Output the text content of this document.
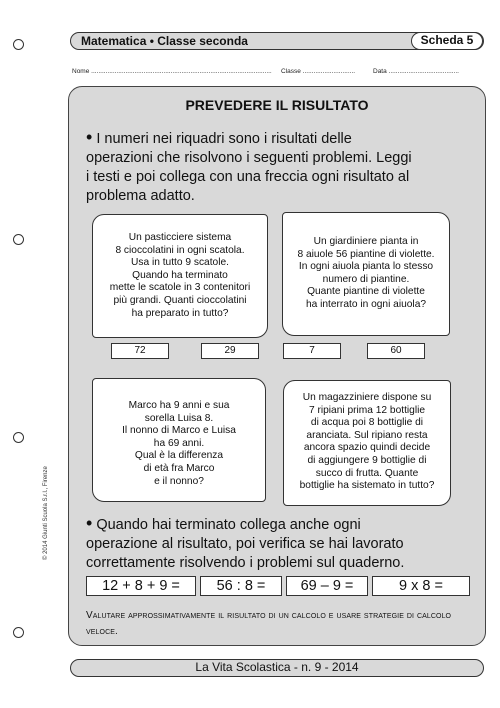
Matematica • Classe seconda	Scheda 5
Nome .................................................................................................... Classe .............................	Data .......................................
PREVEDERE IL RISULTATO
• I numeri nei riquadri sono i risultati delle
operazioni che risolvono i seguenti problemi. Leggi
i testi e poi collega con una freccia ogni risultato al
problema adatto.
Un pasticciere sistema
8 cioccolatini in ogni scatola.
Usa in tutto 9 scatole.
Quando ha terminato
mette le scatole in 3 contenitori
più grandi. Quanti cioccolatini
ha preparato in tutto?
Un giardiniere pianta in
8 aiuole 56 piantine di violette.
In ogni aiuola pianta lo stesso
numero di piantine.
Quante piantine di violette
ha interrato in ogni aiuola?
Marco ha 9 anni e sua
sorella Luisa 8.
Il nonno di Marco e Luisa
ha 69 anni.
Qual è la differenza
di età fra Marco
e il nonno?
Un magazziniere dispone su
7 ripiani prima 12 bottiglie
di acqua poi 8 bottiglie di
aranciata. Sul ripiano resta
ancora spazio quindi decide
di aggiungere 9 bottiglie di
succo di frutta. Quante
bottiglie ha sistemato in tutto?
72	29	7	60
• Quando hai terminato collega anche ogni
operazione al risultato, poi verifica se hai lavorato
correttamente risolvendo i problemi sul quaderno.
12 + 8 + 9 =	56 : 8 =	69 – 9 =	9 x 8 =
Valutare approssimativamente il risultato di un calcolo e usare strategie di calcolo veloce.
© 2014 Giunti Scuola S.r.l., Firenze
La Vita Scolastica - n. 9 - 2014
